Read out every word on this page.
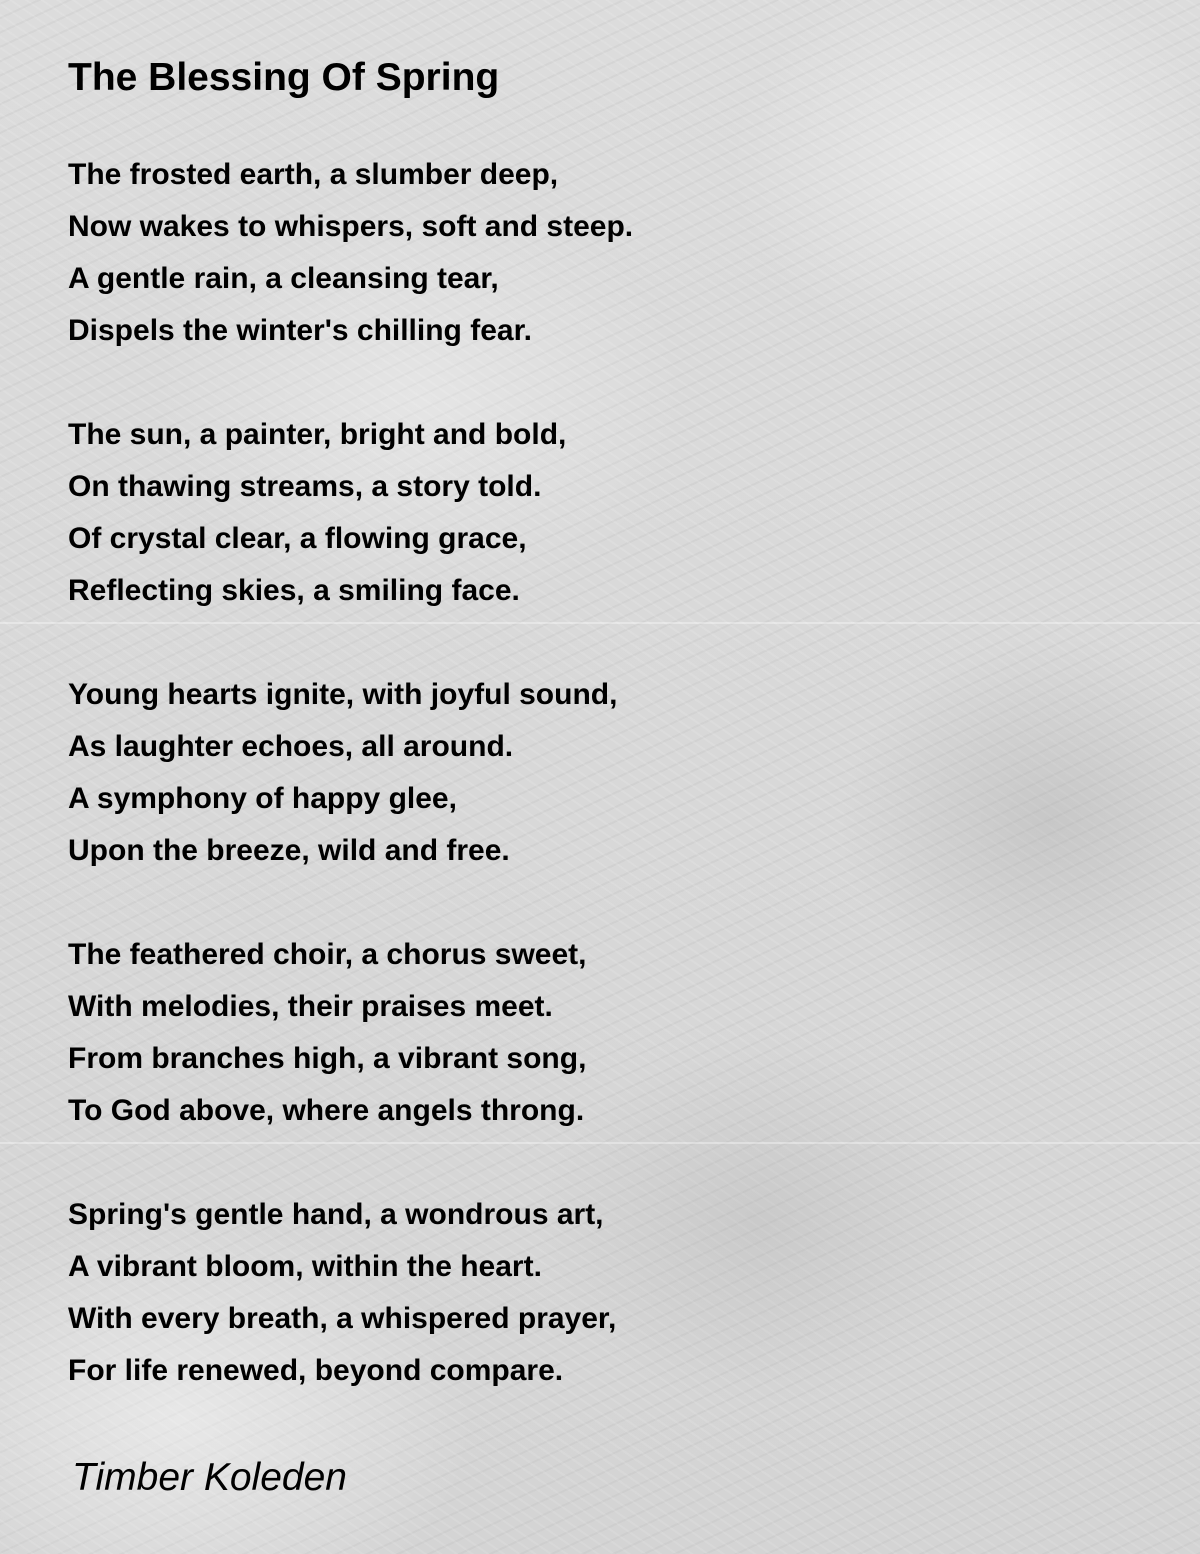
The Blessing Of Spring
The frosted earth, a slumber deep,
Now wakes to whispers, soft and steep.
A gentle rain, a cleansing tear,
Dispels the winter's chilling fear.
The sun, a painter, bright and bold,
On thawing streams, a story told.
Of crystal clear, a flowing grace,
Reflecting skies, a smiling face.
Young hearts ignite, with joyful sound,
As laughter echoes, all around.
A symphony of happy glee,
Upon the breeze, wild and free.
The feathered choir, a chorus sweet,
With melodies, their praises meet.
From branches high, a vibrant song,
To God above, where angels throng.
Spring's gentle hand, a wondrous art,
A vibrant bloom, within the heart.
With every breath, a whispered prayer,
For life renewed, beyond compare.
Timber Koleden
